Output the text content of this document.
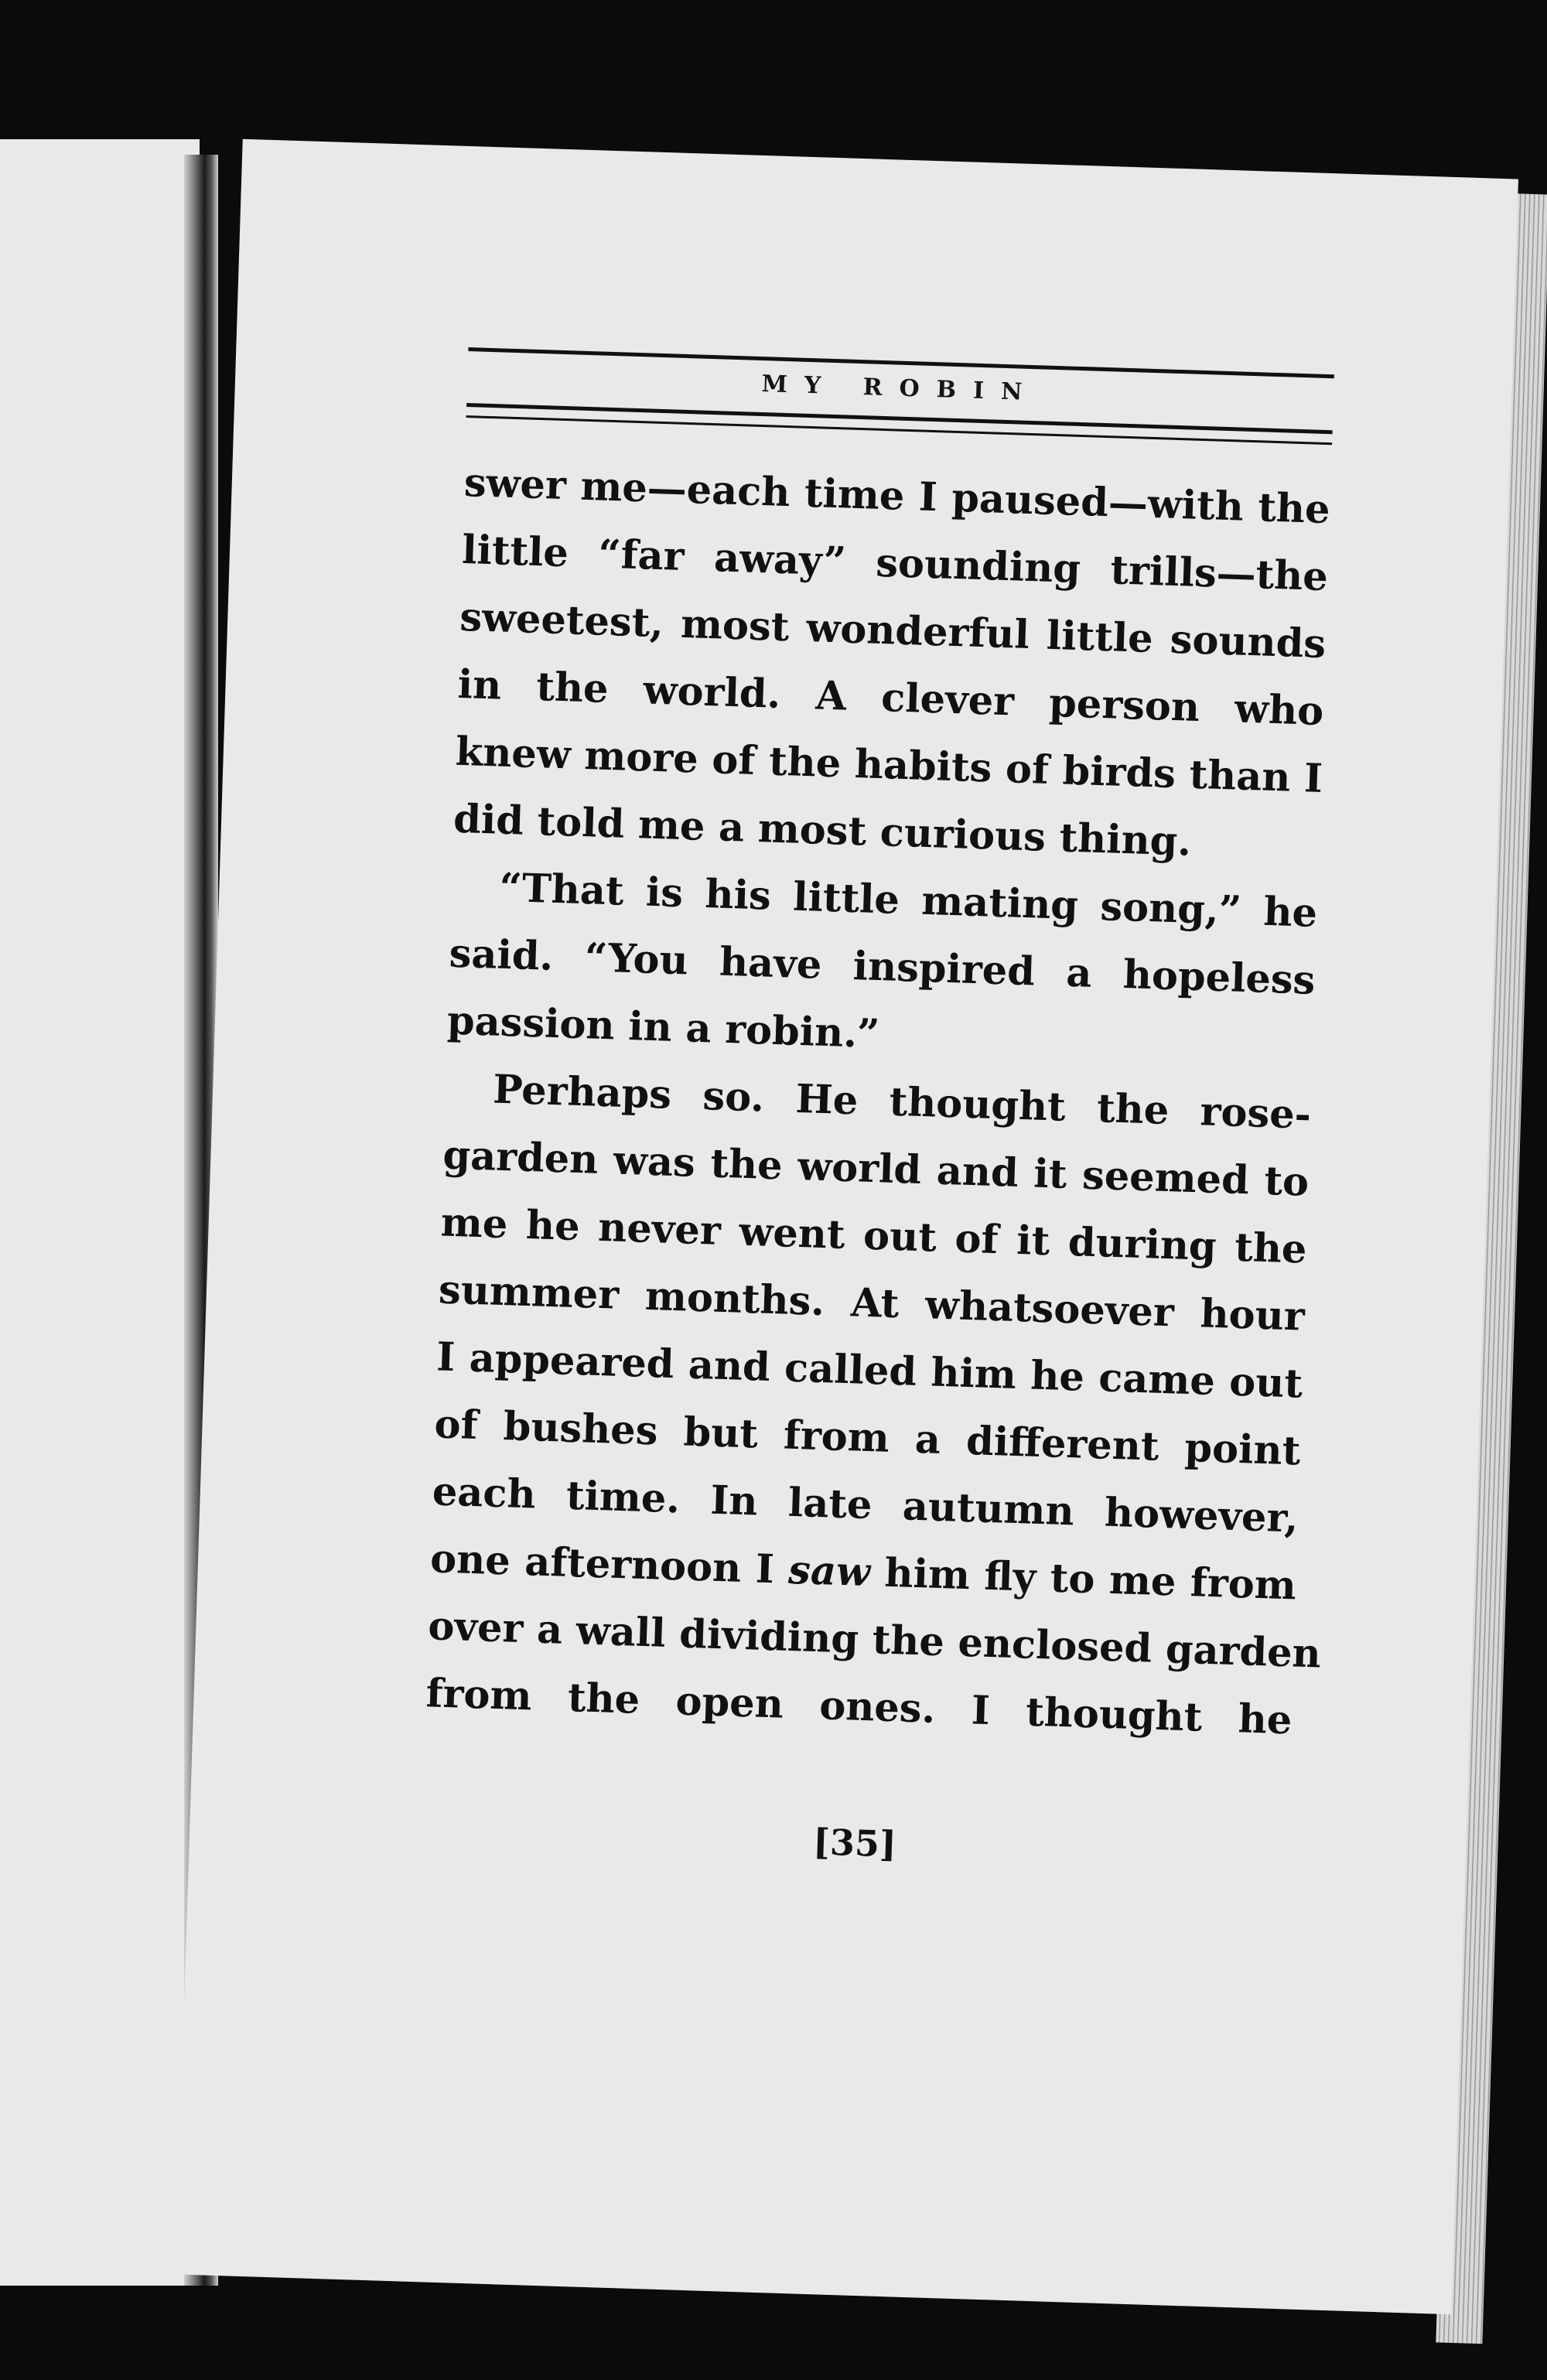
MY ROBIN
swer me—each time I paused—with the
little “far away” sounding trills—the
sweetest, most wonderful little sounds
in the world. A clever person who
knew more of the habits of birds than I
did told me a most curious thing.
“That is his little mating song,” he
said. “You have inspired a hopeless
passion in a robin.”
Perhaps so. He thought the rose-
garden was the world and it seemed to
me he never went out of it during the
summer months. At whatsoever hour
I appeared and called him he came out
of bushes but from a different point
each time. In late autumn however,
one afternoon I saw him fly to me from
over a wall dividing the enclosed garden
from the open ones. I thought he
[35]
